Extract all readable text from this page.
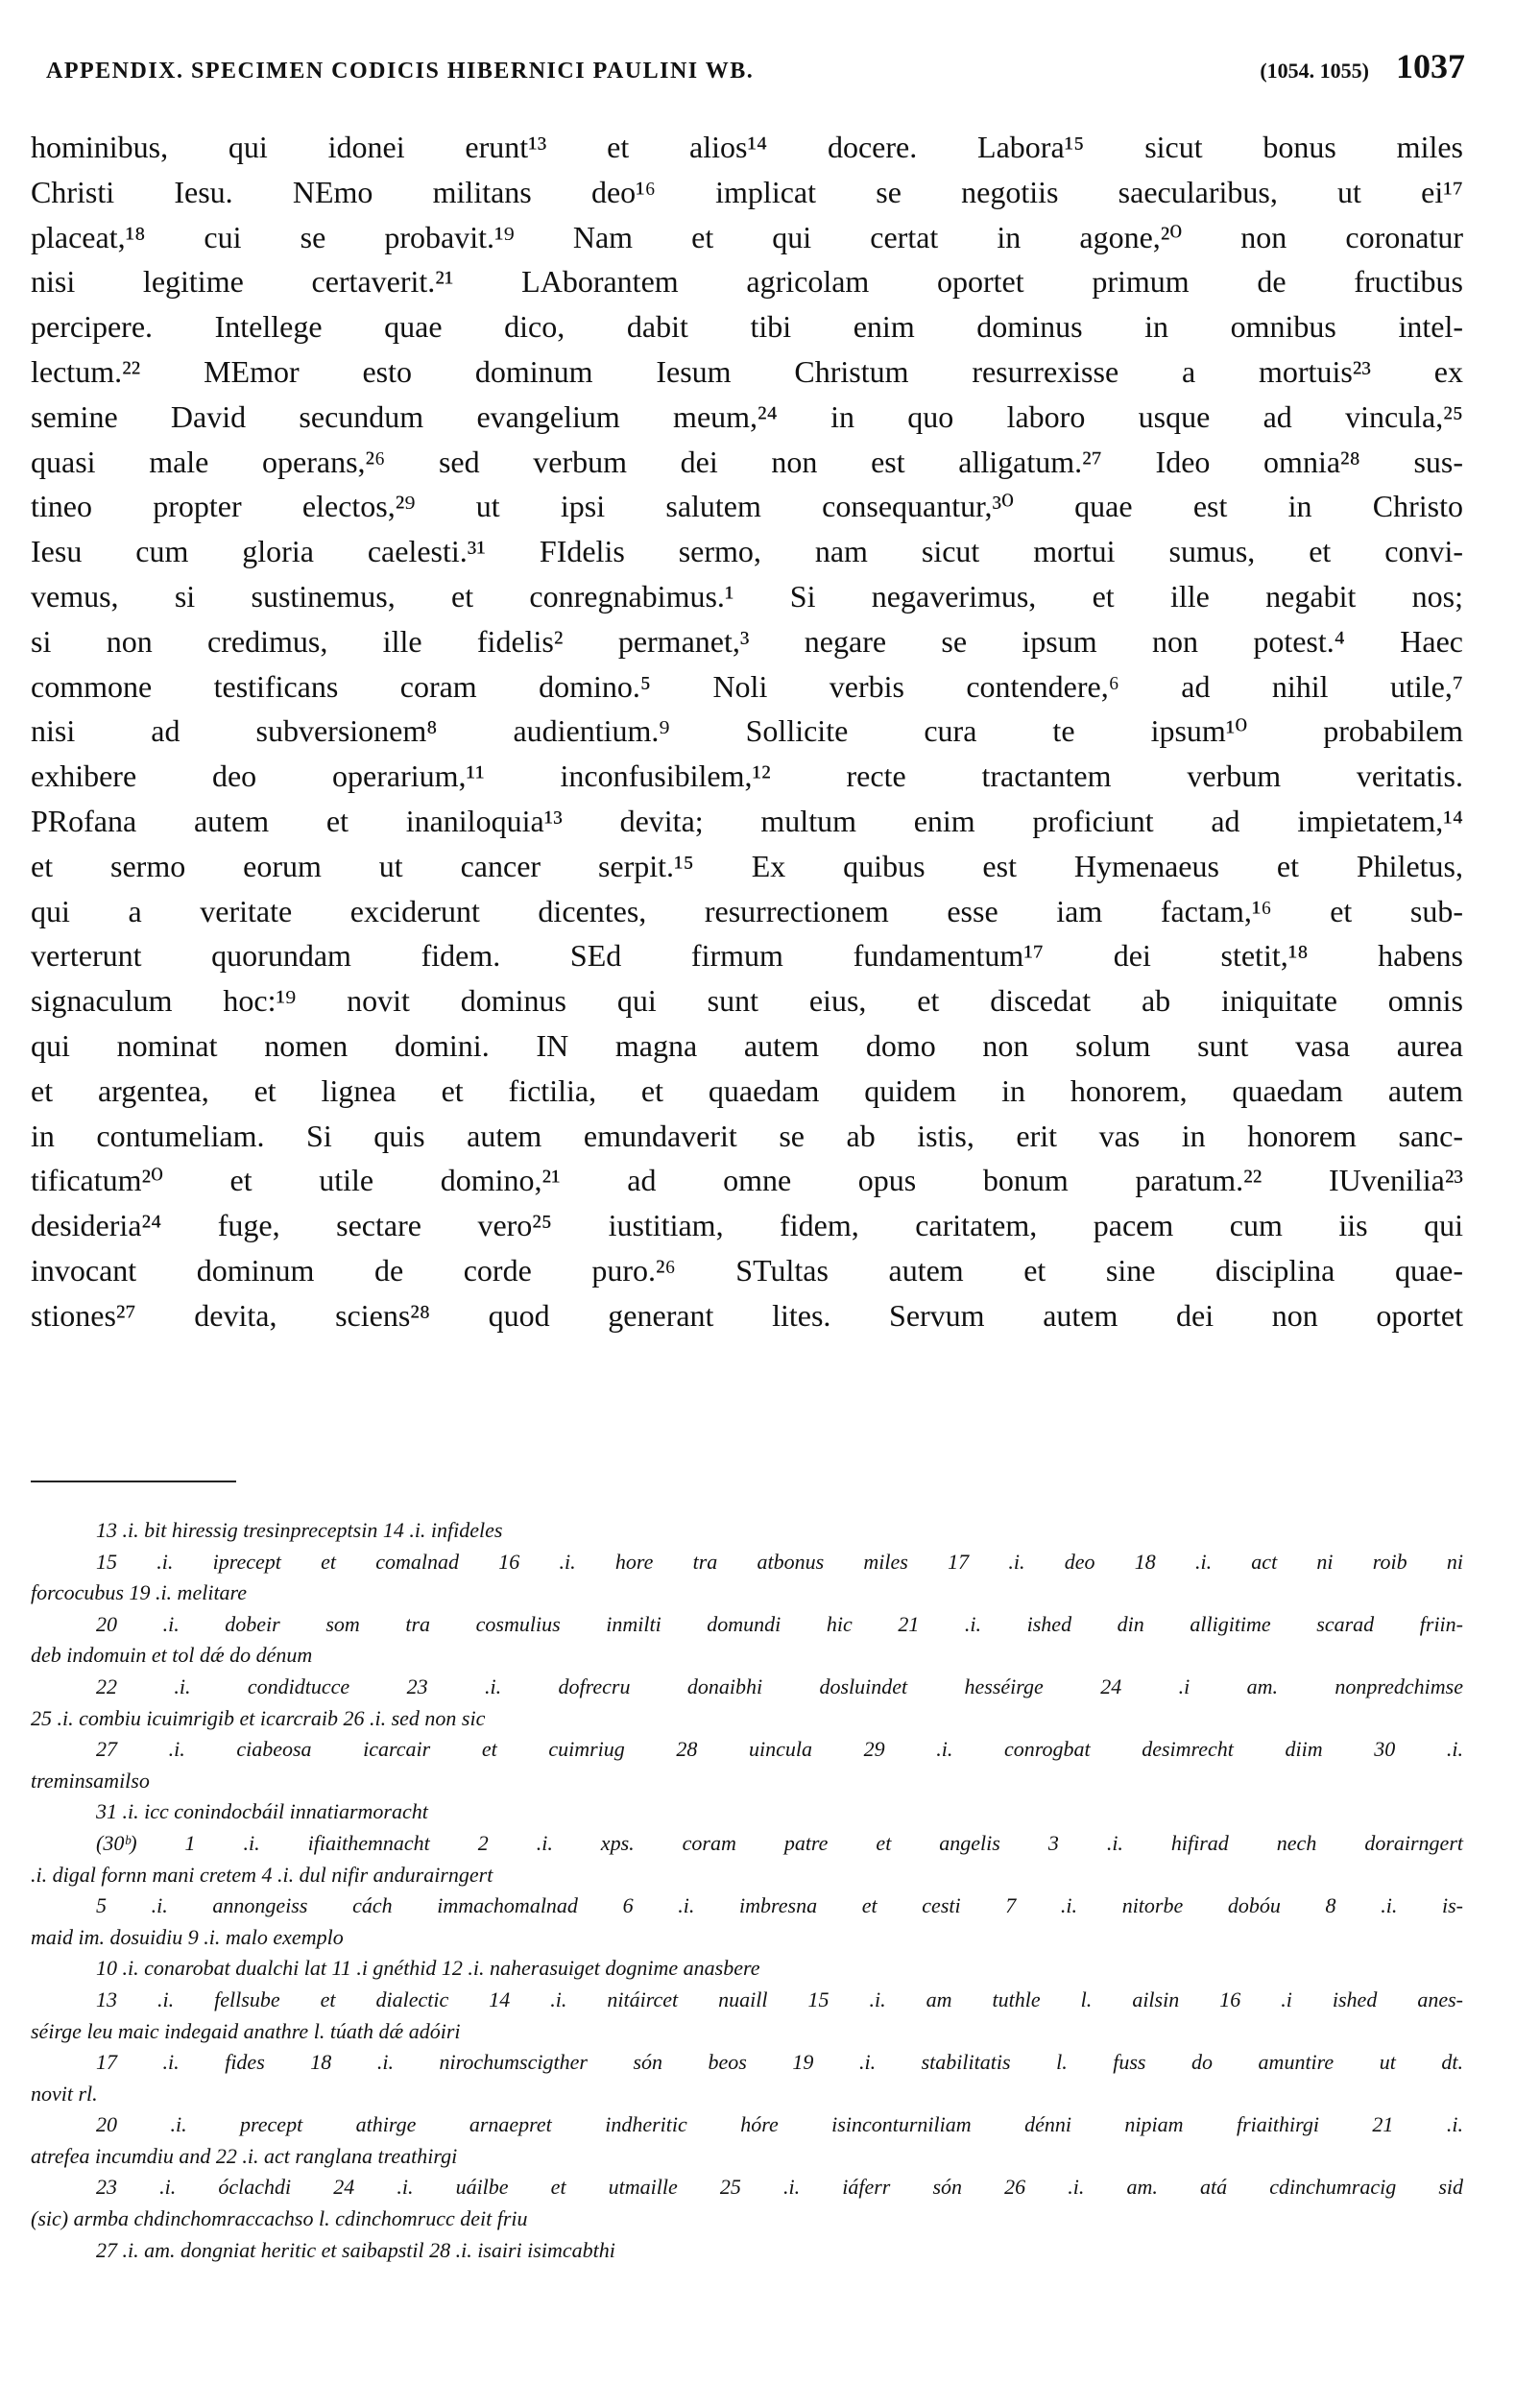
APPENDIX. SPECIMEN CODICIS HIBERNICI PAULINI WB.	(1054. 1055) 1037
hominibus, qui idonei erunt¹³ et alios¹⁴ docere. Labora¹⁵ sicut bonus miles
Christi Iesu. NEmo militans deo¹⁶ implicat se negotiis saecularibus, ut ei¹⁷
placeat,¹⁸ cui se probavit.¹⁹ Nam et qui certat in agone,²⁰ non coronatur
nisi legitime certaverit.²¹ LAborantem agricolam oportet primum de fructibus
percipere. Intellege quae dico, dabit tibi enim dominus in omnibus intel-
lectum.²² MEmor esto dominum Iesum Christum resurrexisse a mortuis²³ ex
semine David secundum evangelium meum,²⁴ in quo laboro usque ad vincula,²⁵
quasi male operans,²⁶ sed verbum dei non est alligatum.²⁷ Ideo omnia²⁸ sus-
tineo propter electos,²⁹ ut ipsi salutem consequantur,³⁰ quae est in Christo
Iesu cum gloria caelesti.³¹ FIdelis sermo, nam sicut mortui sumus, et convi-
vemus, si sustinemus, et conregnabimus.¹ Si negaverimus, et ille negabit nos;
si non credimus, ille fidelis² permanet,³ negare se ipsum non potest.⁴ Haec
commone testificans coram domino.⁵ Noli verbis contendere,⁶ ad nihil utile,⁷
nisi ad subversionem⁸ audientium.⁹ Sollicite cura te ipsum¹⁰ probabilem
exhibere deo operarium,¹¹ inconfusibilem,¹² recte tractantem verbum veritatis.
PRofana autem et inaniloquia¹³ devita; multum enim proficiunt ad impietatem,¹⁴
et sermo eorum ut cancer serpit.¹⁵ Ex quibus est Hymenaeus et Philetus,
qui a veritate exciderunt dicentes, resurrectionem esse iam factam,¹⁶ et sub-
verterunt quorundam fidem. SEd firmum fundamentum¹⁷ dei stetit,¹⁸ habens
signaculum hoc:¹⁹ novit dominus qui sunt eius, et discedat ab iniquitate omnis
qui nominat nomen domini. IN magna autem domo non solum sunt vasa aurea
et argentea, et lignea et fictilia, et quaedam quidem in honorem, quaedam autem
in contumeliam. Si quis autem emundaverit se ab istis, erit vas in honorem sanc-
tificatum²⁰ et utile domino,²¹ ad omne opus bonum paratum.²² IUvenilia²³
desideria²⁴ fuge, sectare vero²⁵ iustitiam, fidem, caritatem, pacem cum iis qui
invocant dominum de corde puro.²⁶ STultas autem et sine disciplina quae-
stiones²⁷ devita, sciens²⁸ quod generant lites. Servum autem dei non oportet
13 .i. bit hiressig tresinpreceptsin 14 .i. infideles
15 .i. iprecept et comalnad 16 .i. hore tra atbonus miles 17 .i. deo 18 .i. act ni roib ni
forcocubus 19 .i. melitare
20 .i. dobeir som tra cosmulius inmilti domundi hic 21 .i. ished din alligitime scarad friin-
deb indomuin et tol dǽ do dénum
22 .i. condidtucce 23 .i. dofrecru donaibhi dosluindet hesséirge 24 .i am. nonpredchimse
25 .i. combiu icuimrigib et icarcraib 26 .i. sed non sic
27 .i. ciabeosa icarcair et cuimriug 28 uincula 29 .i. conrogbat desimrecht diim 30 .i.
treminsamilso
31 .i. icc conindocbáil innatiarmoracht
(30ᵇ) 1 .i. ifiaithemnacht 2 .i. xps. coram patre et angelis 3 .i. hifirad nech dorairngert
.i. digal fornn mani cretem 4 .i. dul nifir andurairngert
5 .i. annongeiss cách immachomalnad 6 .i. imbresna et cesti 7 .i. nitorbe dobóu 8 .i. is-
maid im. dosuidiu 9 .i. malo exemplo
10 .i. conarobat dualchi lat 11 .i gnéthid 12 .i. naherasuiget dognime anasbere
13 .i. fellsube et dialectic 14 .i. nitáircet nuaill 15 .i. am tuthle l. ailsin 16 .i ished anes-
séirge leu maic indegaid anathre l. túath dǽ adóiri
17 .i. fides 18 .i. nirochumscigther són beos 19 .i. stabilitatis l. fuss do amuntire ut dt.
novit rl.
20 .i. precept athirge arnaepret indheritic hóre isinconturniliam dénni nipiam friaithirgi 21 .i.
atrefea incumdiu and 22 .i. act ranglana treathirgi
23 .i. óclachdi 24 .i. uáilbe et utmaille 25 .i. iáferr són 26 .i. am. atá cdinchumracig sid
(sic) armba chdinchomraccachso l. cdinchomrucc deit friu
27 .i. am. dongniat heritic et saibapstil 28 .i. isairi isimcabthi
